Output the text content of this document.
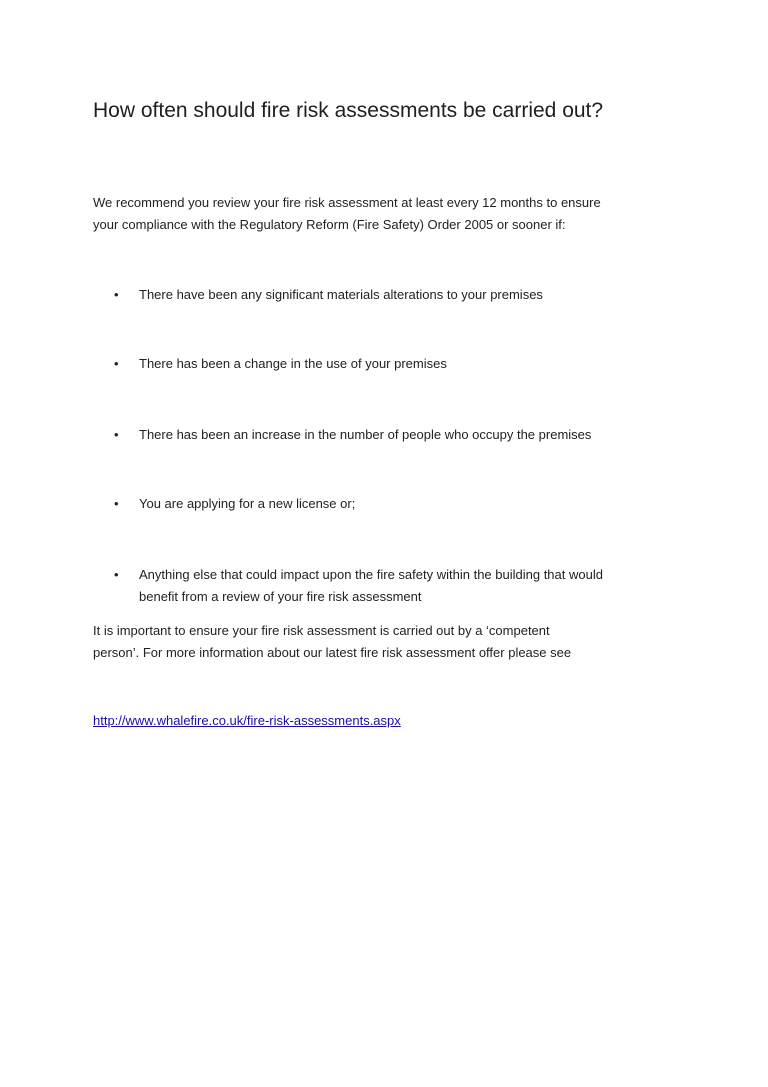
How often should fire risk assessments be carried out?

We recommend you review your fire risk assessment at least every 12 months to ensure
your compliance with the Regulatory Reform (Fire Safety) Order 2005 or sooner if:

•	There have been any significant materials alterations to your premises
•	There has been a change in the use of your premises
•	There has been an increase in the number of people who occupy the premises
•	You are applying for a new license or;
•	Anything else that could impact upon the fire safety within the building that would
benefit from a review of your fire risk assessment

It is important to ensure your fire risk assessment is carried out by a ‘competent
person’. For more information about our latest fire risk assessment offer please see

http://www.whalefire.co.uk/fire-risk-assessments.aspx
